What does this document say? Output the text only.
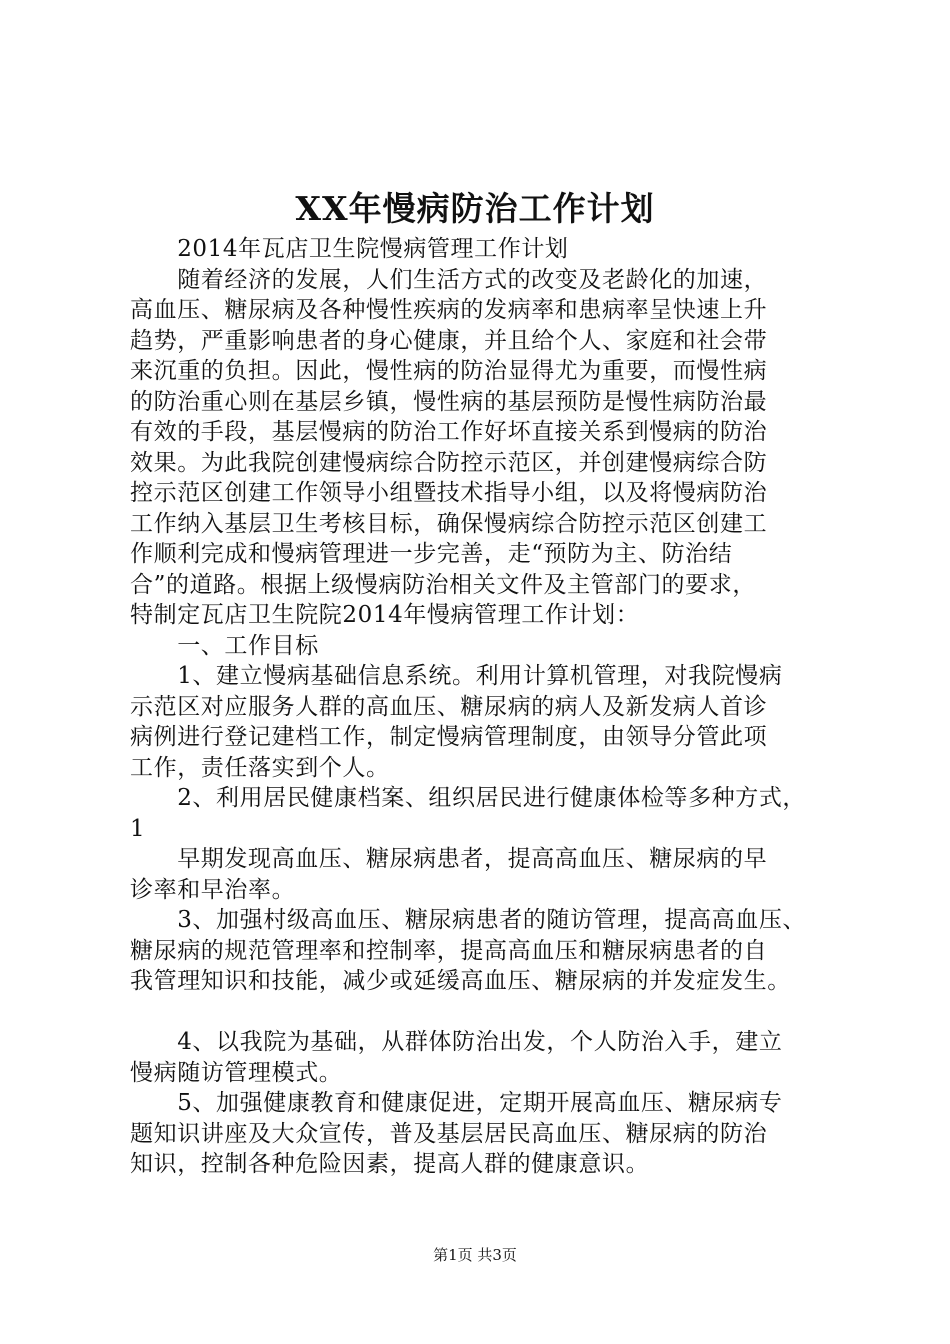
XX年慢病防治工作计划
　　2014年瓦店卫生院慢病管理工作计划
　　随着经济的发展，人们生活方式的改变及老龄化的加速，
高血压、糖尿病及各种慢性疾病的发病率和患病率呈快速上升
趋势，严重影响患者的身心健康，并且给个人、家庭和社会带
来沉重的负担。因此，慢性病的防治显得尤为重要，而慢性病
的防治重心则在基层乡镇，慢性病的基层预防是慢性病防治最
有效的手段，基层慢病的防治工作好坏直接关系到慢病的防治
效果。为此我院创建慢病综合防控示范区，并创建慢病综合防
控示范区创建工作领导小组暨技术指导小组，以及将慢病防治
工作纳入基层卫生考核目标，确保慢病综合防控示范区创建工
作顺利完成和慢病管理进一步完善，走“预防为主、防治结
合”的道路。根据上级慢病防治相关文件及主管部门的要求，
特制定瓦店卫生院院2014年慢病管理工作计划：
　　一、工作目标
　　1、建立慢病基础信息系统。利用计算机管理，对我院慢病
示范区对应服务人群的高血压、糖尿病的病人及新发病人首诊
病例进行登记建档工作，制定慢病管理制度，由领导分管此项
工作，责任落实到个人。
　　2、利用居民健康档案、组织居民进行健康体检等多种方式，
1
　　早期发现高血压、糖尿病患者，提高高血压、糖尿病的早
诊率和早治率。
　　3、加强村级高血压、糖尿病患者的随访管理，提高高血压、
糖尿病的规范管理率和控制率，提高高血压和糖尿病患者的自
我管理知识和技能，减少或延缓高血压、糖尿病的并发症发生。
　　4、以我院为基础，从群体防治出发，个人防治入手，建立
慢病随访管理模式。
　　5、加强健康教育和健康促进，定期开展高血压、糖尿病专
题知识讲座及大众宣传，普及基层居民高血压、糖尿病的防治
知识，控制各种危险因素，提高人群的健康意识。
第1页 共3页
